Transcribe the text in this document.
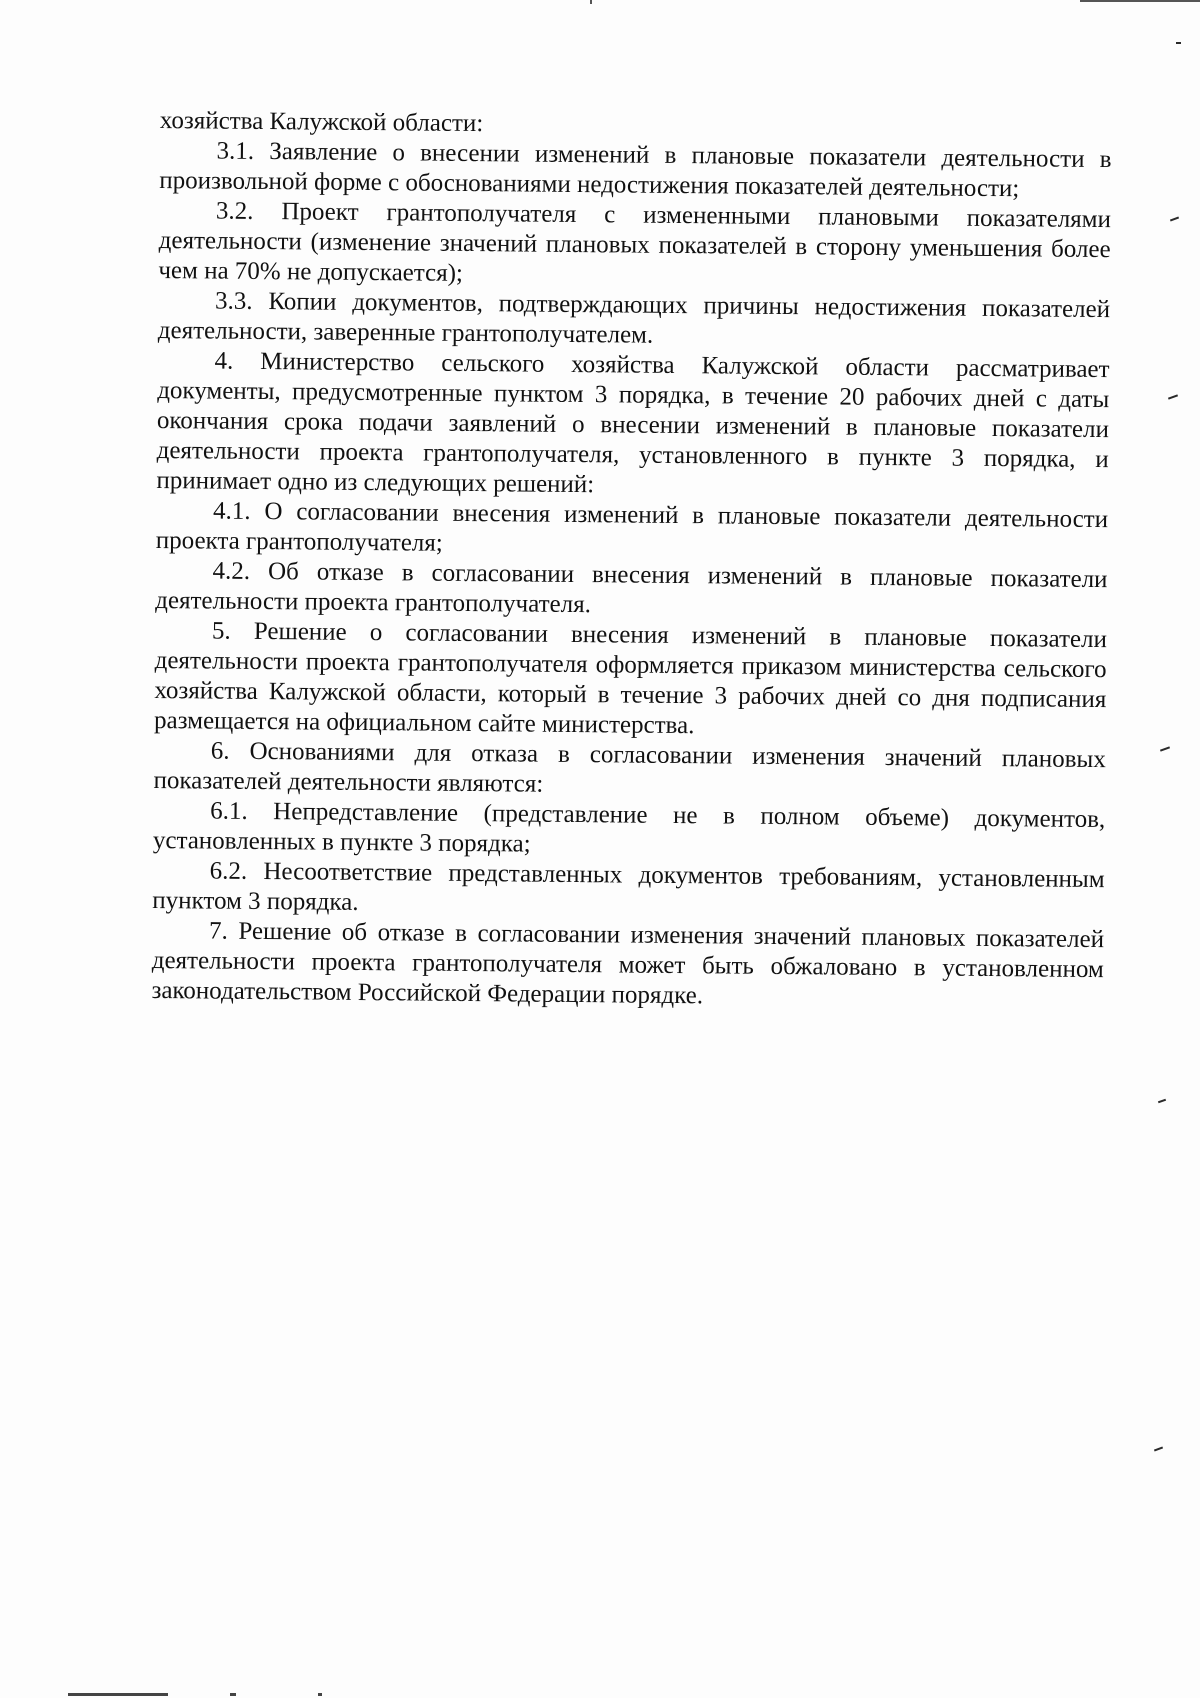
хозяйства Калужской области:

3.1. Заявление о внесении изменений в плановые показатели деятельности в произвольной форме с обоснованиями недостижения показателей деятельности;

3.2. Проект грантополучателя с измененными плановыми показателями деятельности (изменение значений плановых показателей в сторону уменьшения более чем на 70% не допускается);

3.3. Копии документов, подтверждающих причины недостижения показателей деятельности, заверенные грантополучателем.

4. Министерство сельского хозяйства Калужской области рассматривает документы, предусмотренные пунктом 3 порядка, в течение 20 рабочих дней с даты окончания срока подачи заявлений о внесении изменений в плановые показатели деятельности проекта грантополучателя, установленного в пункте 3 порядка, и принимает одно из следующих решений:

4.1. О согласовании внесения изменений в плановые показатели деятельности проекта грантополучателя;

4.2. Об отказе в согласовании внесения изменений в плановые показатели деятельности проекта грантополучателя.

5. Решение о согласовании внесения изменений в плановые показатели деятельности проекта грантополучателя оформляется приказом министерства сельского хозяйства Калужской области, который в течение 3 рабочих дней со дня подписания размещается на официальном сайте министерства.

6. Основаниями для отказа в согласовании изменения значений плановых показателей деятельности являются:

6.1. Непредставление (представление не в полном объеме) документов, установленных в пункте 3 порядка;

6.2. Несоответствие представленных документов требованиям, установленным пунктом 3 порядка.

7. Решение об отказе в согласовании изменения значений плановых показателей деятельности проекта грантополучателя может быть обжаловано в установленном законодательством Российской Федерации порядке.
